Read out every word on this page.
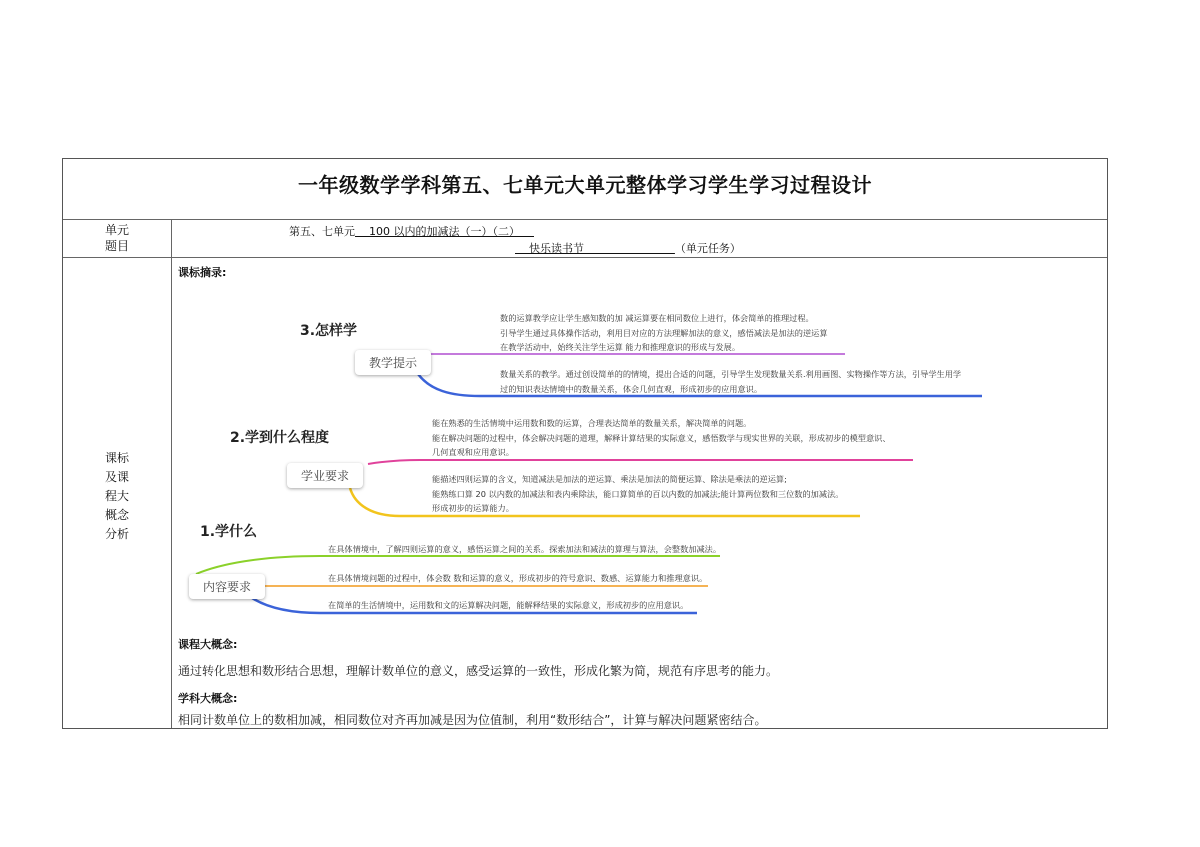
一年级数学学科第五、七单元大单元整体学习学生学习过程设计
单元
题目
第五、七单元 100 以内的加减法（一）（二）
快乐读书节	（单元任务）
课标
及课
程大
概念
分析
课标摘录:
3.怎样学
2.学到什么程度
1.学什么
教学提示
学业要求
内容要求
数的运算教学应让学生感知数的加 减运算要在相同数位上进行，体会简单的推理过程。
引导学生通过具体操作活动，利用目对应的方法理解加法的意义，感悟减法是加法的逆运算
在教学活动中，始终关注学生运算 能力和推理意识的形成与发展。
数量关系的教学。通过创设简单的的情境，提出合适的问题，引导学生发现数量关系.利用画图、实物操作等方法，引导学生用学
过的知识表达情境中的数量关系，体会几何直观，形成初步的应用意识。
能在熟悉的生活情境中运用数和数的运算，合理表达简单的数量关系，解决简单的问题。
能在解决问题的过程中，体会解决问题的道理，解释计算结果的实际意义，感悟数学与现实世界的关联，形成初步的模型意识、
几何直观和应用意识。
能描述四则运算的含义，知道减法是加法的逆运算、乘法是加法的简便运算、除法是乘法的逆运算;
能熟练口算 20 以内数的加减法和表内乘除法，能口算简单的百以内数的加减法;能计算两位数和三位数的加减法。
形成初步的运算能力。
在具体情境中，了解四则运算的意义，感悟运算之间的关系。探索加法和减法的算理与算法，会整数加减法。
在具体情境问题的过程中，体会数 数和运算的意义，形成初步的符号意识、数感、运算能力和推理意识。
在简单的生活情境中，运用数和文的运算解决问题，能解释结果的实际意义，形成初步的应用意识。
课程大概念:
通过转化思想和数形结合思想，理解计数单位的意义，感受运算的一致性，形成化繁为简，规范有序思考的能力。
学科大概念:
相同计数单位上的数相加减，相同数位对齐再加减是因为位值制，利用“数形结合”，计算与解决问题紧密结合。
